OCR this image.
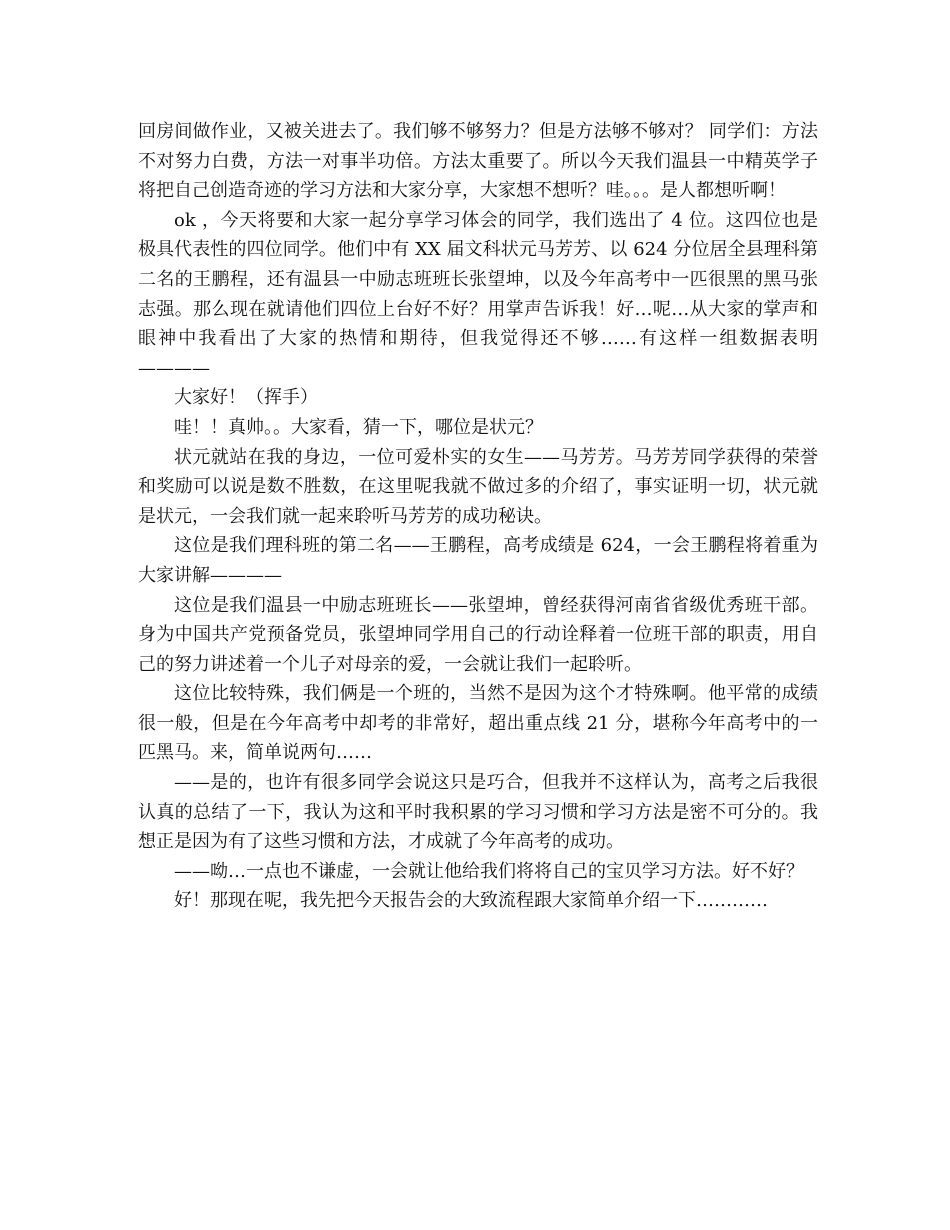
回房间做作业，又被关进去了。我们够不够努力？但是方法够不够对？ 同学们：方法不对努力白费，方法一对事半功倍。方法太重要了。所以今天我们温县一中精英学子将把自己创造奇迹的学习方法和大家分享，大家想不想听？哇。。。是人都想听啊！

ok ，今天将要和大家一起分享学习体会的同学，我们选出了 4 位。这四位也是极具代表性的四位同学。他们中有 XX 届文科状元马芳芳、以 624 分位居全县理科第二名的王鹏程，还有温县一中励志班班长张望坤，以及今年高考中一匹很黑的黑马张志强。那么现在就请他们四位上台好不好？用掌声告诉我！好…呢…从大家的掌声和眼神中我看出了大家的热情和期待，但我觉得还不够……有这样一组数据表明————

大家好！（挥手）

哇！！真帅。。大家看，猜一下，哪位是状元？

状元就站在我的身边，一位可爱朴实的女生——马芳芳。马芳芳同学获得的荣誉和奖励可以说是数不胜数，在这里呢我就不做过多的介绍了，事实证明一切，状元就是状元，一会我们就一起来聆听马芳芳的成功秘诀。

这位是我们理科班的第二名——王鹏程，高考成绩是 624，一会王鹏程将着重为大家讲解————

这位是我们温县一中励志班班长——张望坤，曾经获得河南省省级优秀班干部。身为中国共产党预备党员，张望坤同学用自己的行动诠释着一位班干部的职责，用自己的努力讲述着一个儿子对母亲的爱，一会就让我们一起聆听。

这位比较特殊，我们俩是一个班的，当然不是因为这个才特殊啊。他平常的成绩很一般，但是在今年高考中却考的非常好，超出重点线 21 分，堪称今年高考中的一匹黑马。来，简单说两句……

——是的，也许有很多同学会说这只是巧合，但我并不这样认为，高考之后我很认真的总结了一下，我认为这和平时我积累的学习习惯和学习方法是密不可分的。我想正是因为有了这些习惯和方法，才成就了今年高考的成功。

——呦…一点也不谦虚，一会就让他给我们将将自己的宝贝学习方法。好不好？

好！那现在呢，我先把今天报告会的大致流程跟大家简单介绍一下…………
